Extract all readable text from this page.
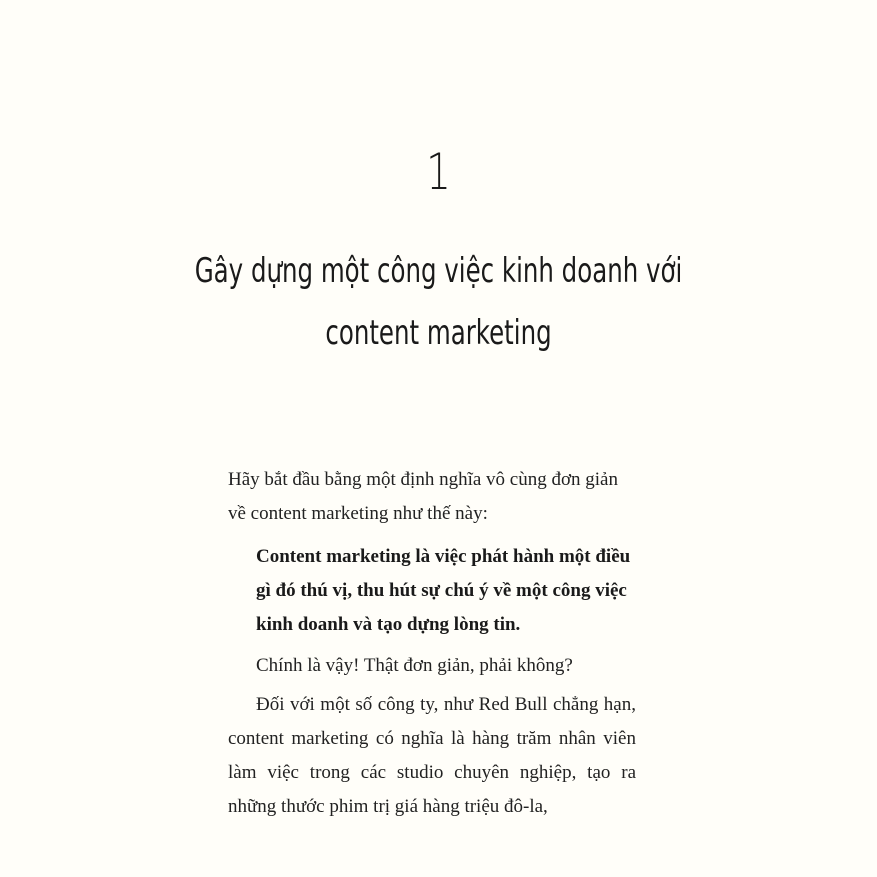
1
Gây dựng một công việc kinh doanh với
content marketing

Hãy bắt đầu bằng một định nghĩa vô cùng đơn giản về content marketing như thế này:

Content marketing là việc phát hành một điều gì đó thú vị, thu hút sự chú ý về một công việc kinh doanh và tạo dựng lòng tin.

Chính là vậy! Thật đơn giản, phải không?

Đối với một số công ty, như Red Bull chẳng hạn, content marketing có nghĩa là hàng trăm nhân viên làm việc trong các studio chuyên nghiệp, tạo ra những thước phim trị giá hàng triệu đô-la,
